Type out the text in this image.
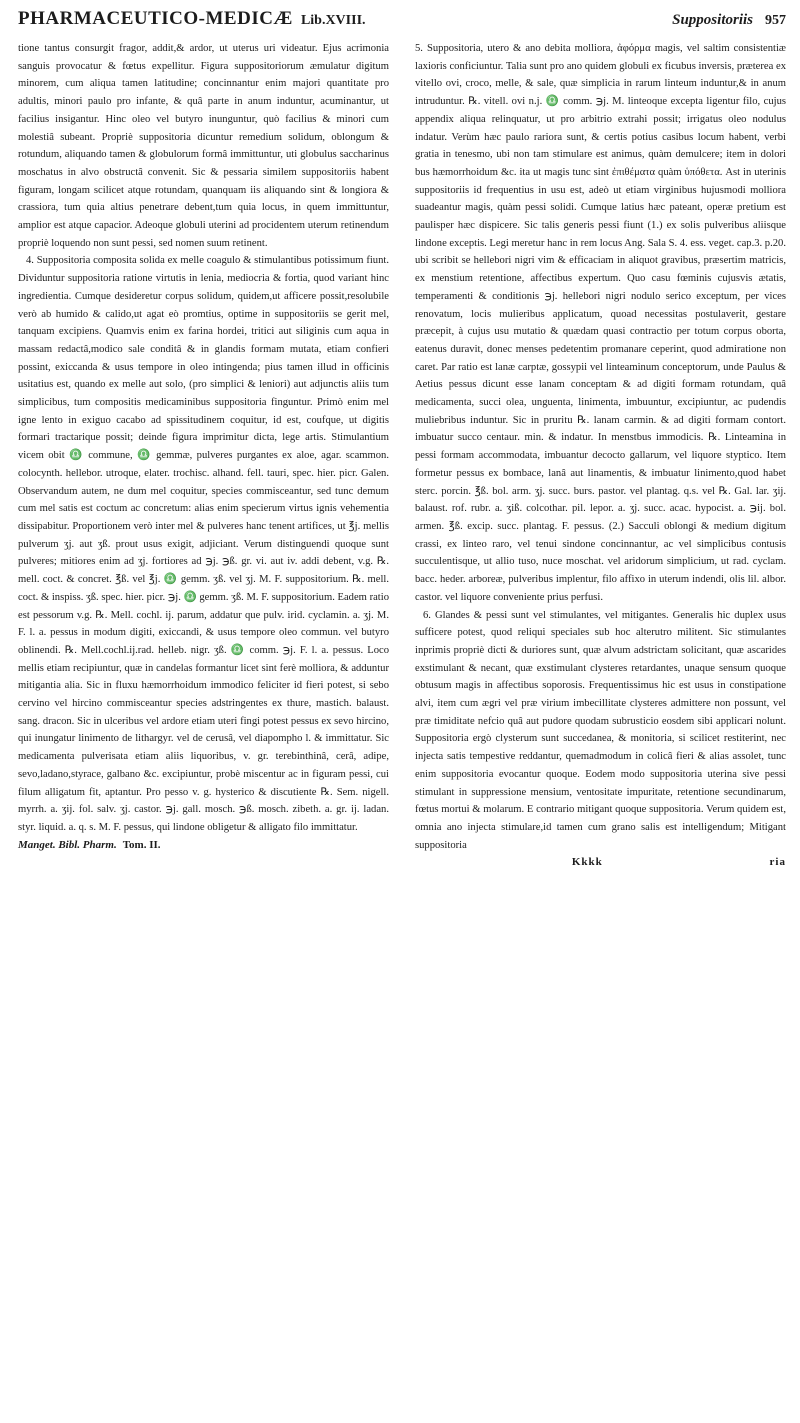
PHARMACEUTICO-MEDICÆ Lib.XVIII.	Suppositoriis 957

tione tantus consurgit fragor, addit,& ardor, ut uterus uri videatur. Ejus acrimonia sanguis provocatur & fœtus expellitur. Figura suppositoriorum æmulatur digitum minorem, cum aliqua tamen latitudine; concinnantur enim majori quantitate pro adultis, minori paulo pro infante, & quâ parte in anum induntur, acuminantur, ut facilius insigantur. Hinc oleo vel butyro inunguntur, quò facilius & minori cum molestiâ subeant. Propriè suppositoria dicuntur remedium solidum, oblongum & rotundum, aliquando tamen & globulorum formâ immittuntur, uti globulus saccharinus moschatus in alvo obstructâ convenit. Sic & pessaria similem suppositoriis habent figuram, longam scilicet atque rotundam, quanquam iis aliquando sint & longiora & crassiora, tum quia altius penetrare debent,tum quia locus, in quem immittuntur, amplior est atque capacior. Adeoque globuli uterini ad procidentem uterum retinendum propriè loquendo non sunt pessi, sed nomen suum retinent.

4. Suppositoria composita solida ex melle coagulo & stimulantibus potissimum fiunt. Dividuntur suppositoria ratione virtutis in lenia, mediocria & fortia, quod variant hinc ingredientia. Cumque desideretur corpus solidum, quidem,ut afficere possit,resolubile verò ab humido & calido,ut agat eò promtius, optime in suppositoriis se gerit mel, tanquam excipiens. Quamvis enim ex farina hordei, tritici aut siliginis cum aqua in massam redactâ,modico sale conditâ & in glandis formam mutata, etiam confieri possint, exiccanda & usus tempore in oleo intingenda; pius tamen illud in officinis usitatius est, quando ex melle aut solo, (pro simplici & leniori) aut adjunctis aliis tum simplicibus, tum compositis medicaminibus suppositoria finguntur. Primò enim mel igne lento in exiguo cacabo ad spissitudinem coquitur, id est, coufque, ut digitis formari tractarique possit; deinde figura imprimitur dicta, lege artis. Stimulantium vicem obit ♎ commune, ♎ gemmæ, pulveres purgantes ex aloe, agar. scammon. colocynth. hellebor. utroque, elater. trochisc. alhand. fell. tauri, spec. hier. picr. Galen. Observandum autem, ne dum mel coquitur, species commisceantur, sed tunc demum cum mel satis est coctum ac concretum: alias enim specierum virtus ignis vehementia dissipabitur. Proportionem verò inter mel & pulveres hanc tenent artifices, ut ℥j. mellis pulverum ʒj. aut ʒß. prout usus exigit, adjiciant. Verum distinguendi quoque sunt pulveres; mitiores enim ad ʒj. fortiores ad ℈j. ℈ß. gr. vi. aut iv. addi debent, v.g. ℞. mell. coct. & concret. ℥ß. vel ℥j. ♎ gemm. ʒß. vel ʒj. M. F. suppositorium. ℞. mell. coct. & inspiss. ʒß. spec. hier. picr. ℈j. ♎ gemm. ʒß. M. F. suppositorium. Eadem ratio est pessorum v.g. ℞. Mell. cochl. ij. parum, addatur que pulv. irid. cyclamin. a. ʒj. M. F. l. a. pessus in modum digiti, exiccandi, & usus tempore oleo commun. vel butyro oblinendi. ℞. Mell.cochl.ij.rad. helleb. nigr. ʒß. ♎ comm. ℈j. F. l. a. pessus. Loco mellis etiam recipiuntur, quæ in candelas formantur licet sint ferè molliora, & adduntur mitigantia alia. Sic in fluxu hæmorrhoidum immodico feliciter id fieri potest, si sebo cervino vel hircino commisceantur species adstringentes ex thure, mastich. balaust. sang. dracon. Sic in ulceribus vel ardore etiam uteri fingi potest pessus ex sevo hircino, qui inungatur linimento de lithargyr. vel de cerusâ, vel diapompho l. & immittatur. Sic medicamenta pulverisata etiam aliis liquoribus, v. gr. terebinthinâ, cerâ, adipe, sevo,ladano,styrace, galbano &c. excipiuntur, probè miscentur ac in figuram pessi, cui filum alligatum fit, aptantur. Pro pesso v. g. hysterico & discutiente ℞. Sem. nigell. myrrh. a. ʒij. fol. salv. ʒj. castor. ℈j. gall. mosch. ℈ß. mosch. zibeth. a. gr. ij. ladan. styr. liquid. a. q. s. M. F. pessus, qui lindone obligetur & alligato filo immittatur.

Manget. Bibl. Pharm. Tom. II.

5. Suppositoria, utero & ano debita molliora, ἀφόρμα magis, vel saltim consistentiæ laxioris conficiuntur. Talia sunt pro ano quidem globuli ex ficubus inversis, præterea ex vitello ovi, croco, melle, & sale, quæ simplicia in rarum linteum induntur,& in anum intruduntur. ℞. vitell. ovi n.j. ♎ comm. ℈j. M. linteoque excepta ligentur filo, cujus appendix aliqua relinquatur, ut pro arbitrio extrahi possit; irrigatus oleo nodulus indatur. Verùm hæc paulo rariora sunt, & certis potius casibus locum habent, verbi gratia in tenesmo, ubi non tam stimulare est animus, quàm demulcere; item in dolori bus hæmorrhoidum &c. ita ut magis tunc sint ἐπιθέματα quàm ὑπόθετα. Ast in uterinis suppositoriis id frequentius in usu est, adeò ut etiam virginibus hujusmodi molliora suadeantur magis, quàm pessi solidi. Cumque latius hæc pateant, operæ pretium est paulisper hæc dispicere. Sic talis generis pessi fiunt (1.) ex solis pulveribus aliisque lindone exceptis. Legi meretur hanc in rem locus Ang. Sala S. 4. ess. veget. cap.3. p.20. ubi scribit se hellebori nigri vim & efficaciam in aliquot gravibus, præsertim matricis, ex menstium retentione, affectibus expertum. Quo casu fœminis cujusvis ætatis, temperamenti & conditionis ℈j. hellebori nigri nodulo serico exceptum, per vices renovatum, locis mulieribus applicatum, quoad necessitas postulaverit, gestare præcepit, à cujus usu mutatio & quædam quasi contractio per totum corpus oborta, eatenus duravit, donec menses pedetentim promanare ceperint, quod admiratione non caret. Par ratio est lanæ carptæ, gossypii vel linteaminum conceptorum, unde Paulus & Aetius pessus dicunt esse lanam conceptam & ad digiti formam rotundam, quâ medicamenta, succi olea, unguenta, linimenta, imbuuntur, excipiuntur, ac pudendis muliebribus induntur. Sic in pruritu ℞. lanam carmin. & ad digiti formam contort. imbuatur succo centaur. min. & indatur. In menstbus immodicis. ℞. Linteamina in pessi formam accommodata, imbuantur decocto gallarum, vel liquore styptico. Item formetur pessus ex bombace, lanâ aut linamentis, & imbuatur linimento,quod habet sterc. porcin. ℥ß. bol. arm. ʒj. succ. burs. pastor. vel plantag. q.s. vel ℞. Gal. lar. ʒij. balaust. rof. rubr. a. ʒiß. colcothar. pil. lepor. a. ʒj. succ. acac. hypocist. a. ℈ij. bol. armen. ℥ß. excip. succ. plantag. F. pessus. (2.) Sacculi oblongi & medium digitum crassi, ex linteo raro, vel tenui sindone concinnantur, ac vel simplicibus contusis succulentisque, ut allio tuso, nuce moschat. vel aridorum simplicium, ut rad. cyclam. bacc. heder. arboreæ, pulveribus implentur, filo affixo in uterum indendi, olis lil. albor. castor. vel liquore conveniente prius perfusi.

6. Glandes & pessi sunt vel stimulantes, vel mitigantes. Generalis hic duplex usus sufficere potest, quod reliqui speciales sub hoc alterutro militent. Sic stimulantes inprimis propriè dicti & duriores sunt, quæ alvum adstrictam solicitant, quæ ascarides exstimulant & necant, quæ exstimulant clysteres retardantes, unaque sensum quoque obtusum magis in affectibus soporosis. Frequentissimus hic est usus in constipatione alvi, item cum ægri vel præ virium imbecillitate clysteres admittere non possunt, vel præ timiditate nefcio quâ aut pudore quodam subrusticio eosdem sibi applicari nolunt. Suppositoria ergò clysterum sunt succedanea, & monitoria, si scilicet restiterint, nec injecta satis tempestive reddantur, quemadmodum in colicâ fieri & alias assolet, tunc enim suppositoria evocantur quoque. Eodem modo suppositoria uterina sive pessi stimulant in suppressione mensium, ventositate impuritate, retentione secundinarum, fœtus mortui & molarum. E contrario mitigant quoque suppositoria. Verum quidem est, omnia ano injecta stimulare,id tamen cum grano salis est intelligendum; Mitigant suppositoria

Kkkk	ria
